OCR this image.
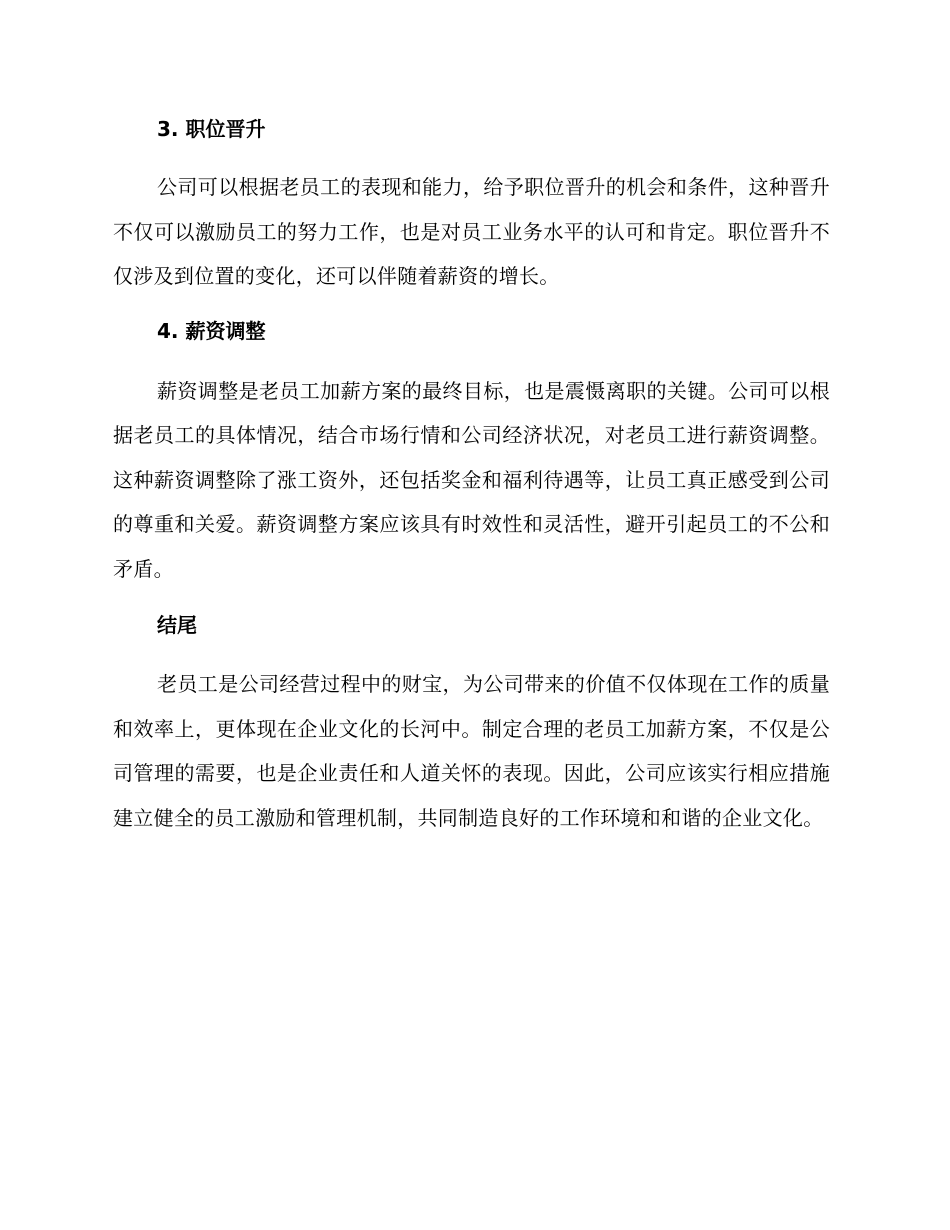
3. 职位晋升

公司可以根据老员工的表现和能力，给予职位晋升的机会和条件，这种晋升不仅可以激励员工的努力工作，也是对员工业务水平的认可和肯定。职位晋升不仅涉及到位置的变化，还可以伴随着薪资的增长。

4. 薪资调整

薪资调整是老员工加薪方案的最终目标，也是震慑离职的关键。公司可以根据老员工的具体情况，结合市场行情和公司经济状况，对老员工进行薪资调整。这种薪资调整除了涨工资外，还包括奖金和福利待遇等，让员工真正感受到公司的尊重和关爱。薪资调整方案应该具有时效性和灵活性，避开引起员工的不公和矛盾。

结尾

老员工是公司经营过程中的财宝，为公司带来的价值不仅体现在工作的质量和效率上，更体现在企业文化的长河中。制定合理的老员工加薪方案，不仅是公司管理的需要，也是企业责任和人道关怀的表现。因此，公司应该实行相应措施建立健全的员工激励和管理机制，共同制造良好的工作环境和和谐的企业文化。
